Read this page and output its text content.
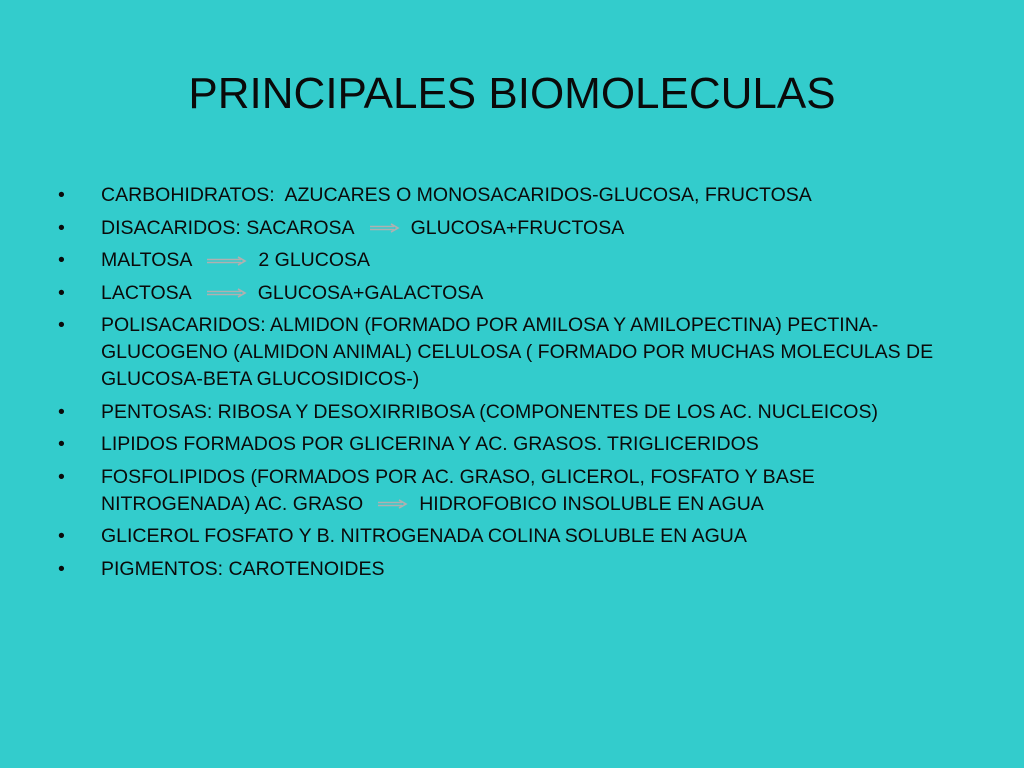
PRINCIPALES BIOMOLECULAS
•	CARBOHIDRATOS:  AZUCARES O MONOSACARIDOS-GLUCOSA, FRUCTOSA
•	DISACARIDOS: SACAROSA	GLUCOSA+FRUCTOSA
•	MALTOSA	2 GLUCOSA
•	LACTOSA	GLUCOSA+GALACTOSA
•	POLISACARIDOS: ALMIDON (FORMADO POR AMILOSA Y AMILOPECTINA) PECTINA- GLUCOGENO (ALMIDON ANIMAL) CELULOSA ( FORMADO POR MUCHAS MOLECULAS DE GLUCOSA-BETA GLUCOSIDICOS-)
•	PENTOSAS: RIBOSA Y DESOXIRRIBOSA (COMPONENTES DE LOS AC. NUCLEICOS)
•	LIPIDOS FORMADOS POR GLICERINA Y AC. GRASOS. TRIGLICERIDOS
•	FOSFOLIPIDOS (FORMADOS POR AC. GRASO, GLICEROL, FOSFATO Y BASE NITROGENADA) AC. GRASO	HIDROFOBICO INSOLUBLE EN AGUA
•	GLICEROL FOSFATO Y B. NITROGENADA COLINA SOLUBLE EN AGUA
•	PIGMENTOS: CAROTENOIDES
